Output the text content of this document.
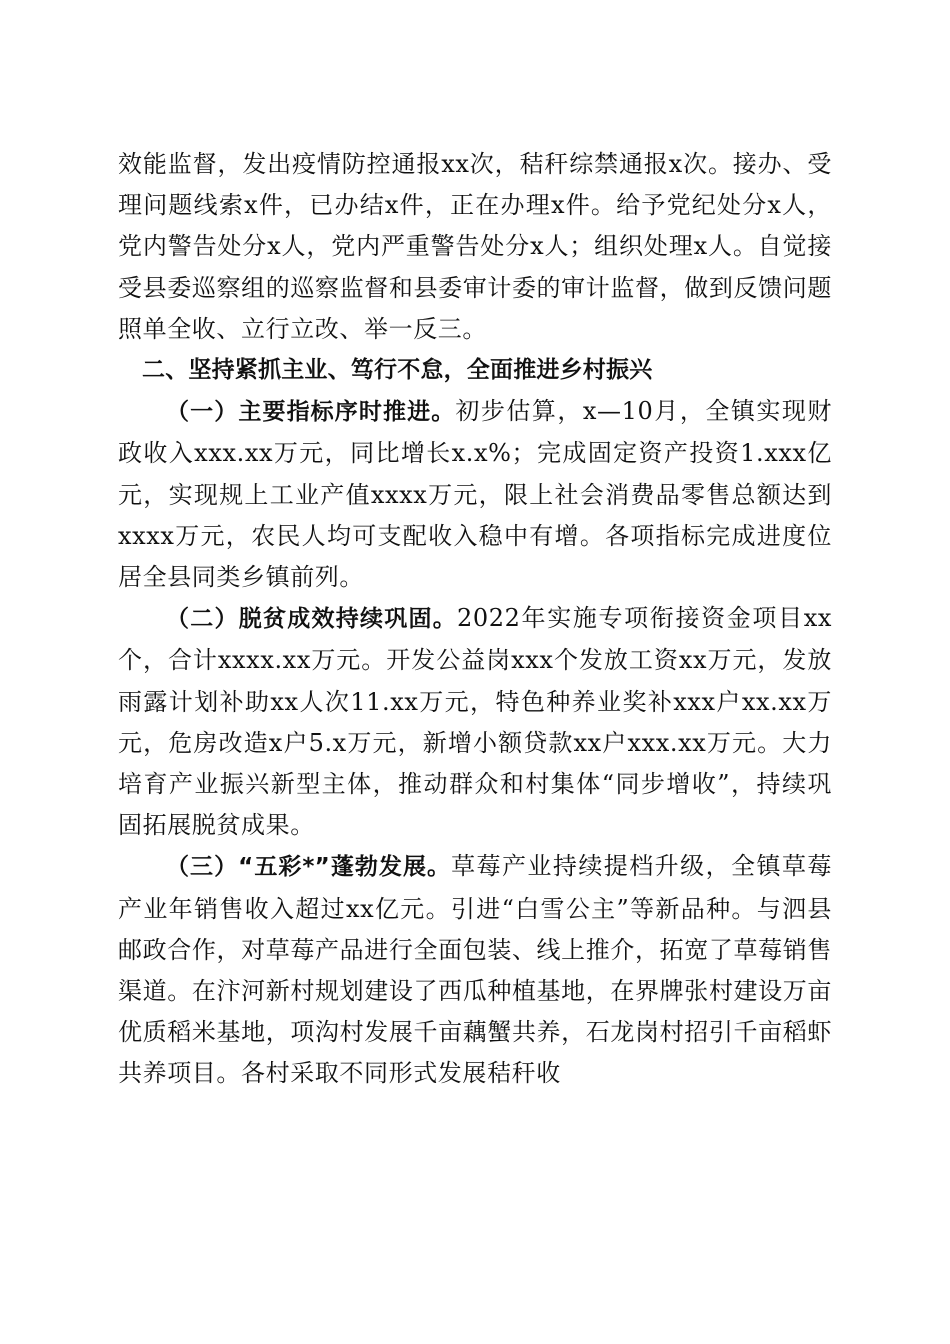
效能监督，发出疫情防控通报xx次，秸秆综禁通报x次。接办、受理问题线索x件，已办结x件，正在办理x件。给予党纪处分x人，党内警告处分x人，党内严重警告处分x人；组织处理x人。自觉接受县委巡察组的巡察监督和县委审计委的审计监督，做到反馈问题照单全收、立行立改、举一反三。

二、坚持紧抓主业、笃行不怠，全面推进乡村振兴

（一）主要指标序时推进。初步估算，x—10月，全镇实现财政收入xxx.xx万元，同比增长x.x%；完成固定资产投资1.xxx亿元，实现规上工业产值xxxx万元，限上社会消费品零售总额达到xxxx万元，农民人均可支配收入稳中有增。各项指标完成进度位居全县同类乡镇前列。

（二）脱贫成效持续巩固。2022年实施专项衔接资金项目xx个，合计xxxx.xx万元。开发公益岗xxx个发放工资xx万元，发放雨露计划补助xx人次11.xx万元，特色种养业奖补xxx户xx.xx万元，危房改造x户5.x万元，新增小额贷款xx户xxx.xx万元。大力培育产业振兴新型主体，推动群众和村集体“同步增收”，持续巩固拓展脱贫成果。

（三）“五彩*”蓬勃发展。草莓产业持续提档升级，全镇草莓产业年销售收入超过xx亿元。引进“白雪公主”等新品种。与泗县邮政合作，对草莓产品进行全面包装、线上推介，拓宽了草莓销售渠道。在汴河新村规划建设了西瓜种植基地，在界牌张村建设万亩优质稻米基地，项沟村发展千亩藕蟹共养，石龙岗村招引千亩稻虾共养项目。各村采取不同形式发展秸秆收
